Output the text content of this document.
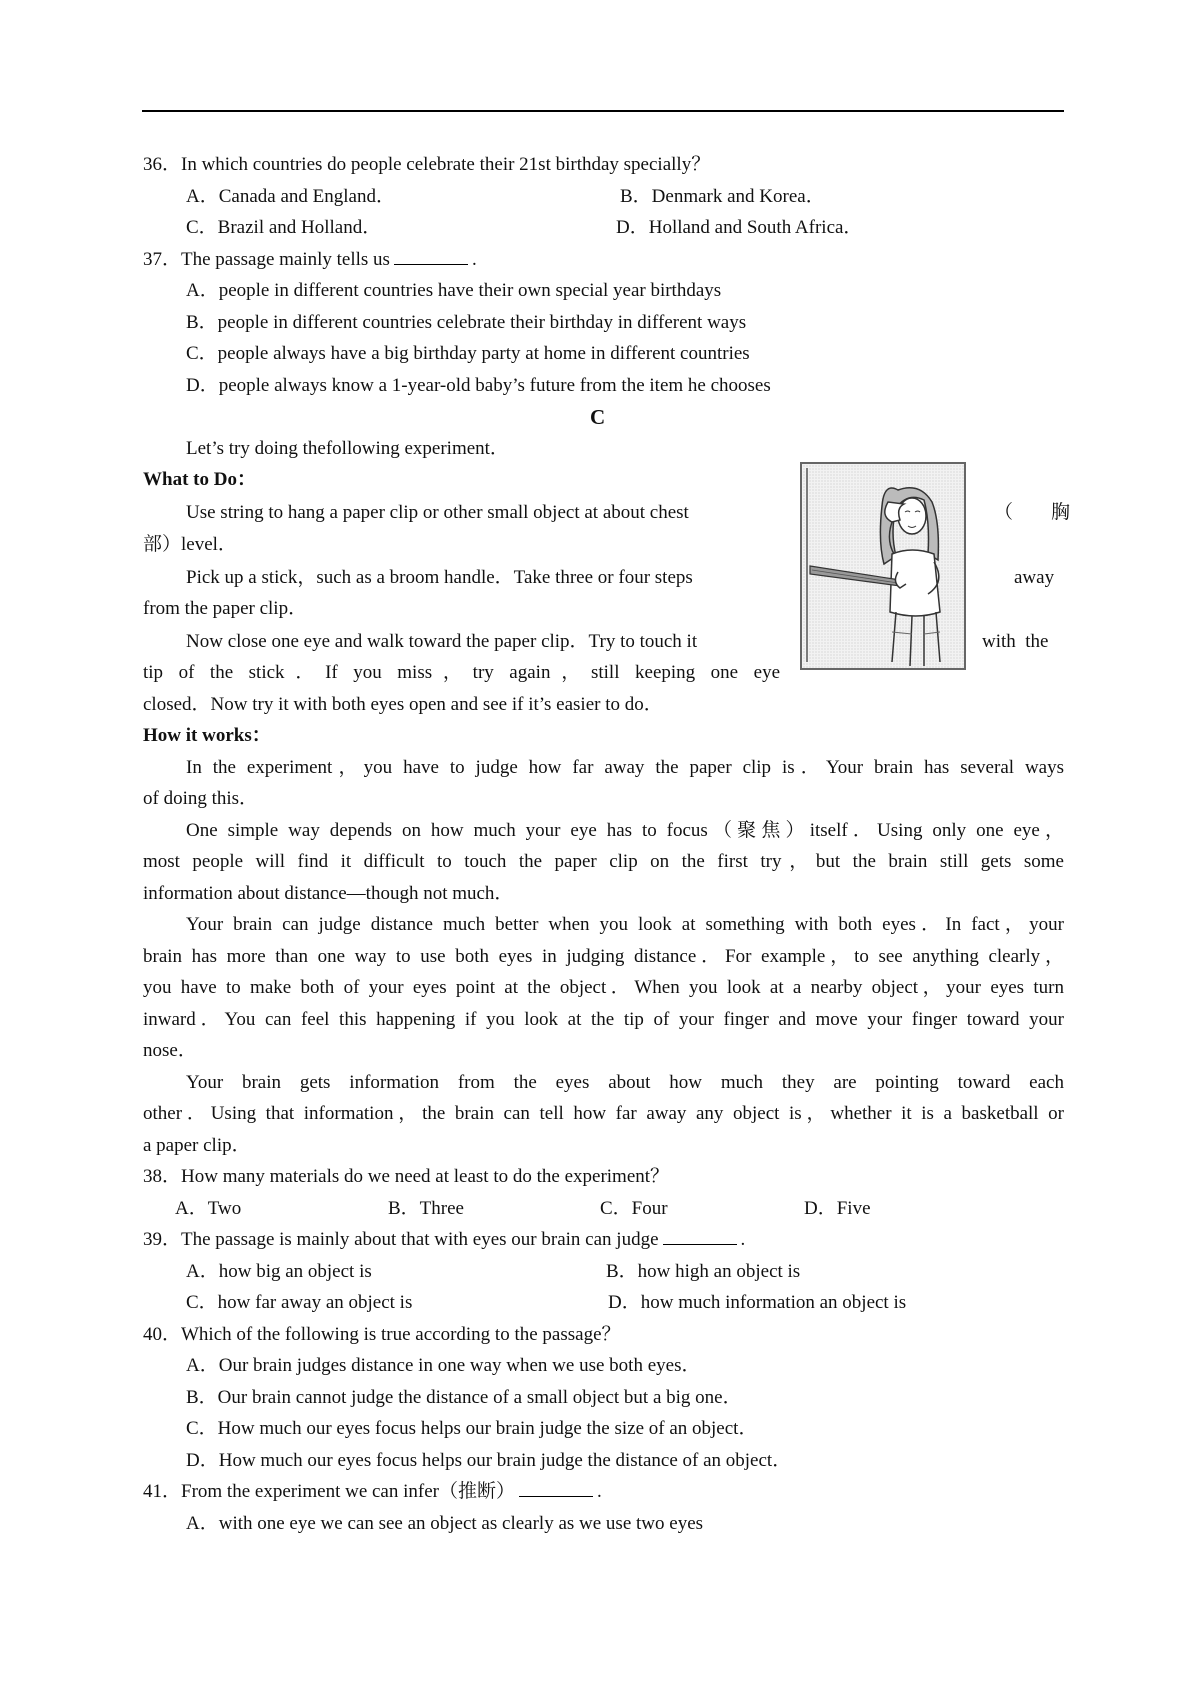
36．In which countries do people celebrate their 21st birthday specially？
A．Canada and England．	B．Denmark and Korea．
C．Brazil and Holland．	D．Holland and South Africa．
37．The passage mainly tells us	.
A．people in different countries have their own special year birthdays
B．people in different countries celebrate their birthday in different ways
C．people always have a big birthday party at home in different countries
D．people always know a 1-year-old baby’s future from the item he chooses
C
Let’s try doing thefollowing experiment．
What to Do：
Use string to hang a paper clip or other small object at about chest	（　　胸
部）level．
Pick up a stick，such as a broom handle．Take three or four steps	away
from the paper clip．
Now close one eye and walk toward the paper clip．Try to touch it	with  the
tip of the stick．If you miss，try again，still keeping one eye
closed．Now try it with both eyes open and see if it’s easier to do．
How it works：
In the experiment，you have to judge how far away the paper clip is．Your brain has several ways
of doing this．
One simple way depends on how much your eye has to focus（聚焦）itself．Using only one eye，
most people will find it difficult to touch the paper clip on the first try，but the brain still gets some
information about distance—though not much．
Your brain can judge distance much better when you look at something with both eyes．In fact，your
brain has more than one way to use both eyes in judging distance．For example，to see anything clearly，
you have to make both of your eyes point at the object．When you look at a nearby object，your eyes turn
inward．You can feel this happening if you look at the tip of your finger and move your finger toward your
nose．
Your brain gets information from the eyes about how much they are pointing toward each
other．Using that information，the brain can tell how far away any object is，whether it is a basketball or
a paper clip．
38．How many materials do we need at least to do the experiment？
A．Two	B．Three	C．Four	D．Five
39．The passage is mainly about that with eyes our brain can judge	.
A．how big an object is	B．how high an object is
C．how far away an object is	D．how much information an object is
40．Which of the following is true according to the passage？
A．Our brain judges distance in one way when we use both eyes．
B．Our brain cannot judge the distance of a small object but a big one．
C．How much our eyes focus helps our brain judge the size of an object．
D．How much our eyes focus helps our brain judge the distance of an object．
41．From the experiment we can infer（推断）	.
A．with one eye we can see an object as clearly as we use two eyes
